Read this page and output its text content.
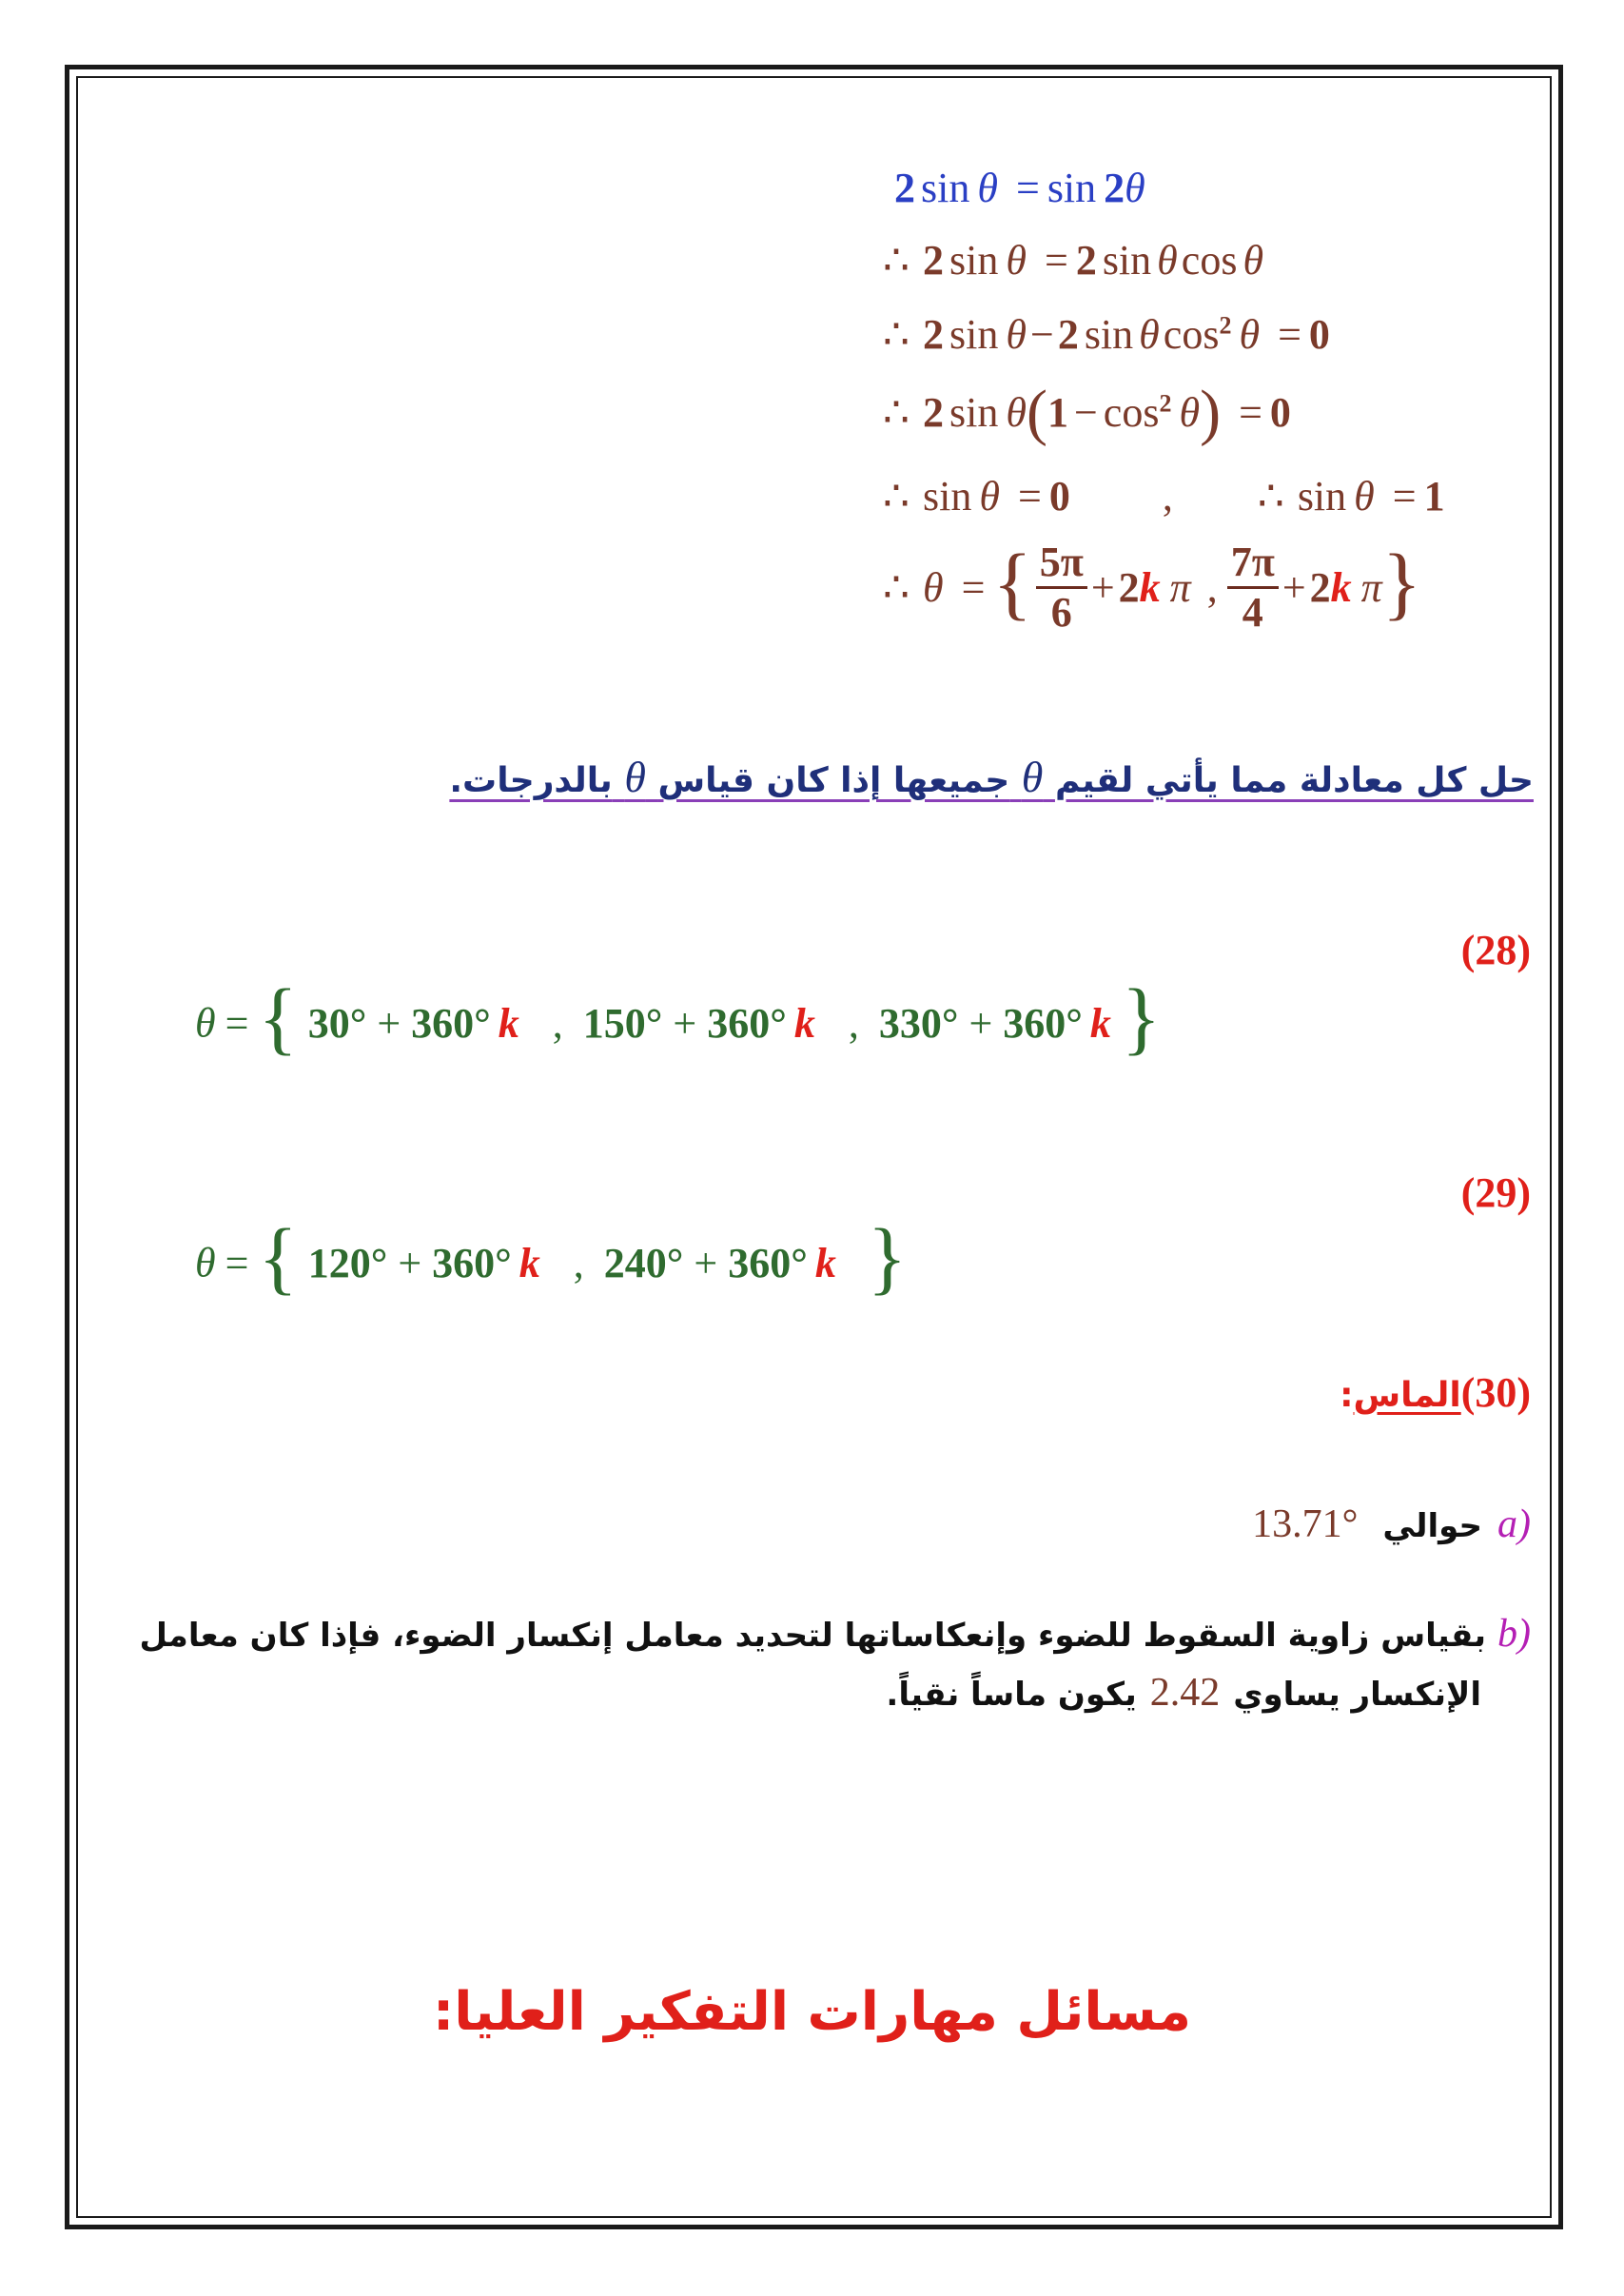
2 sin θ = sin 2θ
∴ 2 sin θ = 2 sin θcos θ
∴ 2 sin θ−2 sin θcos$^2$ θ = 0
∴ 2 $\sin \theta(1 - \cos^2 \theta) = 0$
∴ sin θ = 0 , ∴ sin θ = 1
∴ θ ={ $\frac{5\pi}{6} +2k$ π , $\frac{7\pi}{4} +2k$ π}
حل كل معادلة مما يأتي لقيم θ جميعها إذا كان قياس θ بالدرجات.
(28)
θ = { 30° + 360° k , 150° + 360° k , 330° + 360° k }
(29)
θ = { 120° + 360° k , 240° + 360° k }
(30)الماس:
(a حوالي 13.71°
(b بقياس زاوية السقوط للضوء وإنعكاساتها لتحديد معامل إنكسار الضوء، فإذا كان معامل
الإنكسار يساوي 2.42 يكون ماساً نقياً.
مسائل مهارات التفكير العليا:
